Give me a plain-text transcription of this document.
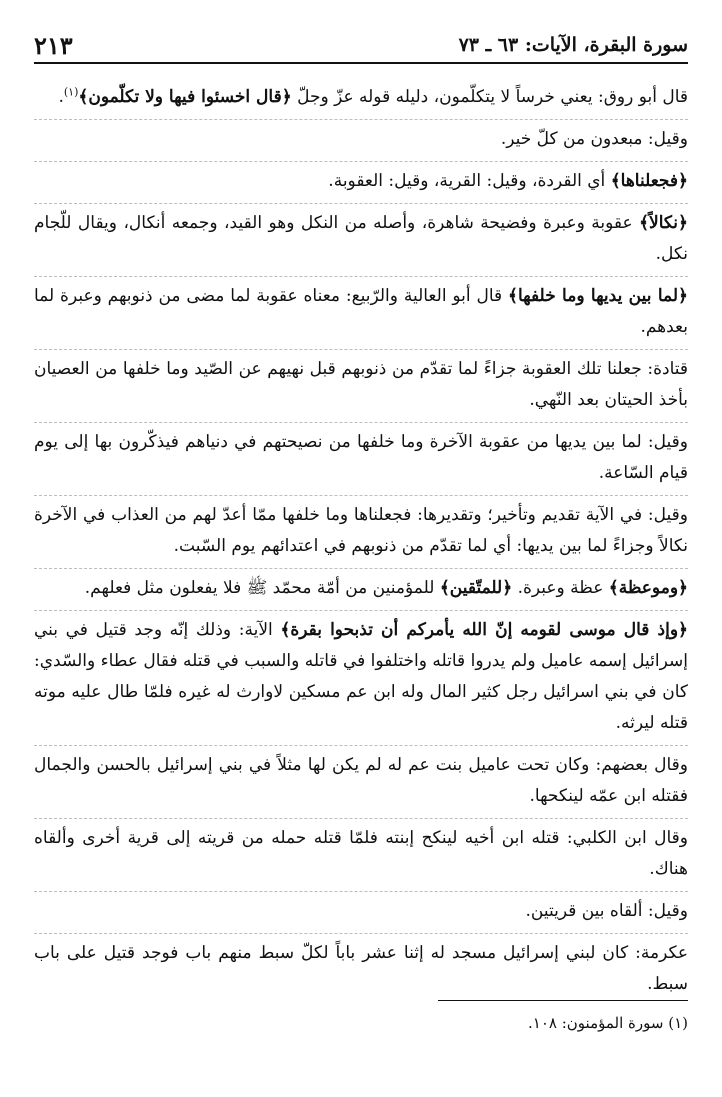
سورة البقرة، الآيات: ٦٣ ـ ٧٣
٢١٣

قال أبو روق: يعني خرساً لا يتكلّمون، دليله قوله عزّ وجلّ ﴿قال اخسئوا فيها ولا تكلّمون﴾$^{(١)}$.

وقيل: مبعدون من كلّ خير.

﴿فجعلناها﴾ أي القردة، وقيل: القرية، وقيل: العقوبة.

﴿نكالاً﴾ عقوبة وعبرة وفضيحة شاهرة، وأصله من النكل وهو القيد، وجمعه أنكال، ويقال للّجام نكل.

﴿لما بين يديها وما خلفها﴾ قال أبو العالية والرّبيع: معناه عقوبة لما مضى من ذنوبهم وعبرة لما بعدهم.

قتادة: جعلنا تلك العقوبة جزاءً لما تقدّم من ذنوبهم قبل نهيهم عن الصّيد وما خلفها من العصيان بأخذ الحيتان بعد النّهي.

وقيل: لما بين يديها من عقوبة الآخرة وما خلفها من نصيحتهم في دنياهم فيذكّرون بها إلى يوم قيام السّاعة.

وقيل: في الآية تقديم وتأخير؛ وتقديرها: فجعلناها وما خلفها ممّا أعدّ لهم من العذاب في الآخرة نكالاً وجزاءً لما بين يديها: أي لما تقدّم من ذنوبهم في اعتدائهم يوم السّبت.

﴿وموعظة﴾ عظة وعبرة. ﴿للمتّقين﴾ للمؤمنين من أمّة محمّد ﷺ فلا يفعلون مثل فعلهم.

﴿وإذ قال موسى لقومه إنّ الله يأمركم أن تذبحوا بقرة﴾ الآية: وذلك إنّه وجد قتيل في بني إسرائيل إسمه عاميل ولم يدروا قاتله واختلفوا في قاتله والسبب في قتله فقال عطاء والسّدي: كان في بني اسرائيل رجل كثير المال وله ابن عم مسكين لاوارث له غيره فلمّا طال عليه موته قتله ليرثه.

وقال بعضهم: وكان تحت عاميل بنت عم له لم يكن لها مثلاً في بني إسرائيل بالحسن والجمال فقتله ابن عمّه لينكحها.

وقال ابن الكلبي: قتله ابن أخيه لينكح إبنته فلمّا قتله حمله من قريته إلى قرية أخرى وألقاه هناك.

وقيل: ألقاه بين قريتين.

عكرمة: كان لبني إسرائيل مسجد له إثنا عشر باباً لكلّ سبط منهم باب فوجد قتيل على باب سبط.

(١) سورة المؤمنون: ١٠٨.
